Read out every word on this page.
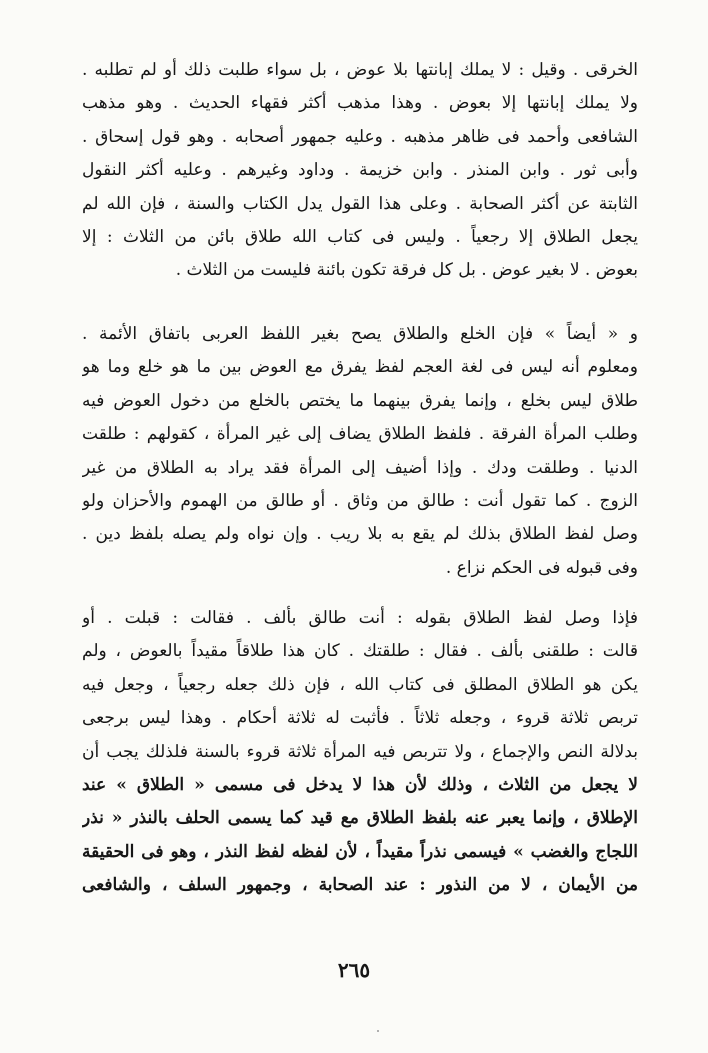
الخرقى . وقيل : لا يملك إبانتها بلا عوض ، بل سواء طلبت ذلك أو لم تطلبه .
ولا يملك إبانتها إلا بعوض . وهذا مذهب أكثر فقهاء الحديث . وهو مذهب
الشافعى وأحمد فى ظاهر مذهبه . وعليه جمهور أصحابه . وهو قول إسحاق .
وأبى ثور . وابن المنذر . وابن خزيمة . وداود وغيرهم . وعليه أكثر النقول
الثابتة عن أكثر الصحابة . وعلى هذا القول يدل الكتاب والسنة ، فإن الله لم
يجعل الطلاق إلا رجعياً . وليس فى كتاب الله طلاق بائن من الثلاث : إلا
بعوض . لا بغير عوض . بل كل فرقة تكون بائنة فليست من الثلاث .
و « أيضاً » فإن الخلع والطلاق يصح بغير اللفظ العربى باتفاق الأئمة .
ومعلوم أنه ليس فى لغة العجم لفظ يفرق مع العوض بين ما هو خلع وما هو
طلاق ليس بخلع ، وإنما يفرق بينهما ما يختص بالخلع من دخول العوض فيه
وطلب المرأة الفرقة . فلفظ الطلاق يضاف إلى غير المرأة ، كقولهم : طلقت
الدنيا . وطلقت ودك . وإذا أضيف إلى المرأة فقد يراد به الطلاق من غير
الزوج . كما تقول أنت : طالق من وثاق . أو طالق من الهموم والأحزان ولو
وصل لفظ الطلاق بذلك لم يقع به بلا ريب . وإن نواه ولم يصله بلفظ دين .
وفى قبوله فى الحكم نزاع .
فإذا وصل لفظ الطلاق بقوله : أنت طالق بألف . فقالت : قبلت . أو
قالت : طلقنى بألف . فقال : طلقتك . كان هذا طلاقاً مقيداً بالعوض ، ولم
يكن هو الطلاق المطلق فى كتاب الله ، فإن ذلك جعله رجعياً ، وجعل فيه
تربص ثلاثة قروء ، وجعله ثلاثاً . فأثبت له ثلاثة أحكام . وهذا ليس برجعى
بدلالة النص والإجماع ، ولا تتربص فيه المرأة ثلاثة قروء بالسنة فلذلك يجب أن
لا يجعل من الثلاث ، وذلك لأن هذا لا يدخل فى مسمى « الطلاق » عند
الإطلاق ، وإنما يعبر عنه بلفظ الطلاق مع قيد كما يسمى الحلف بالنذر « نذر
اللجاج والغضب » فيسمى نذراً مقيداً ، لأن لفظه لفظ النذر ، وهو فى الحقيقة
من الأيمان ، لا من النذور : عند الصحابة ، وجمهور السلف ، والشافعى
٢٦٥
